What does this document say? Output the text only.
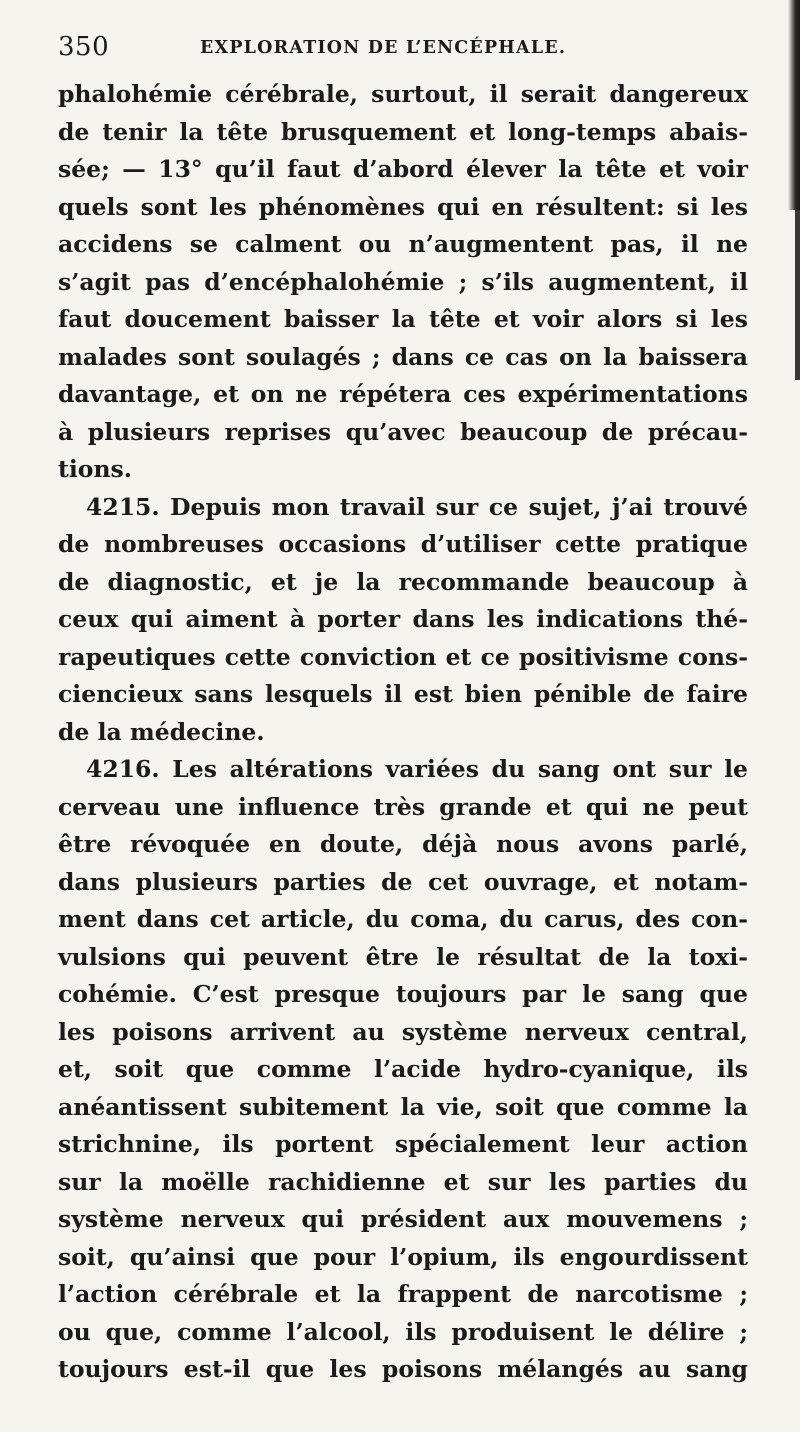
350	EXPLORATION DE L’ENCÉPHALE.
phalohémie cérébrale, surtout, il serait dangereux
de tenir la tête brusquement et long-temps abais-
sée; — 13° qu’il faut d’abord élever la tête et voir
quels sont les phénomènes qui en résultent: si les
accidens se calment ou n’augmentent pas, il ne
s’agit pas d’encéphalohémie ; s’ils augmentent, il
faut doucement baisser la tête et voir alors si les
malades sont soulagés ; dans ce cas on la baissera
davantage, et on ne répétera ces expérimentations
à plusieurs reprises qu’avec beaucoup de précau-
tions.
4215. Depuis mon travail sur ce sujet, j’ai trouvé
de nombreuses occasions d’utiliser cette pratique
de diagnostic, et je la recommande beaucoup à
ceux qui aiment à porter dans les indications thé-
rapeutiques cette conviction et ce positivisme cons-
ciencieux sans lesquels il est bien pénible de faire
de la médecine.
4216. Les altérations variées du sang ont sur le
cerveau une influence très grande et qui ne peut
être révoquée en doute, déjà nous avons parlé,
dans plusieurs parties de cet ouvrage, et notam-
ment dans cet article, du coma, du carus, des con-
vulsions qui peuvent être le résultat de la toxi-
cohémie. C’est presque toujours par le sang que
les poisons arrivent au système nerveux central,
et, soit que comme l’acide hydro-cyanique, ils
anéantissent subitement la vie, soit que comme la
strichnine, ils portent spécialement leur action
sur la moëlle rachidienne et sur les parties du
système nerveux qui président aux mouvemens ;
soit, qu’ainsi que pour l’opium, ils engourdissent
l’action cérébrale et la frappent de narcotisme ;
ou que, comme l’alcool, ils produisent le délire ;
toujours est-il que les poisons mélangés au sang
